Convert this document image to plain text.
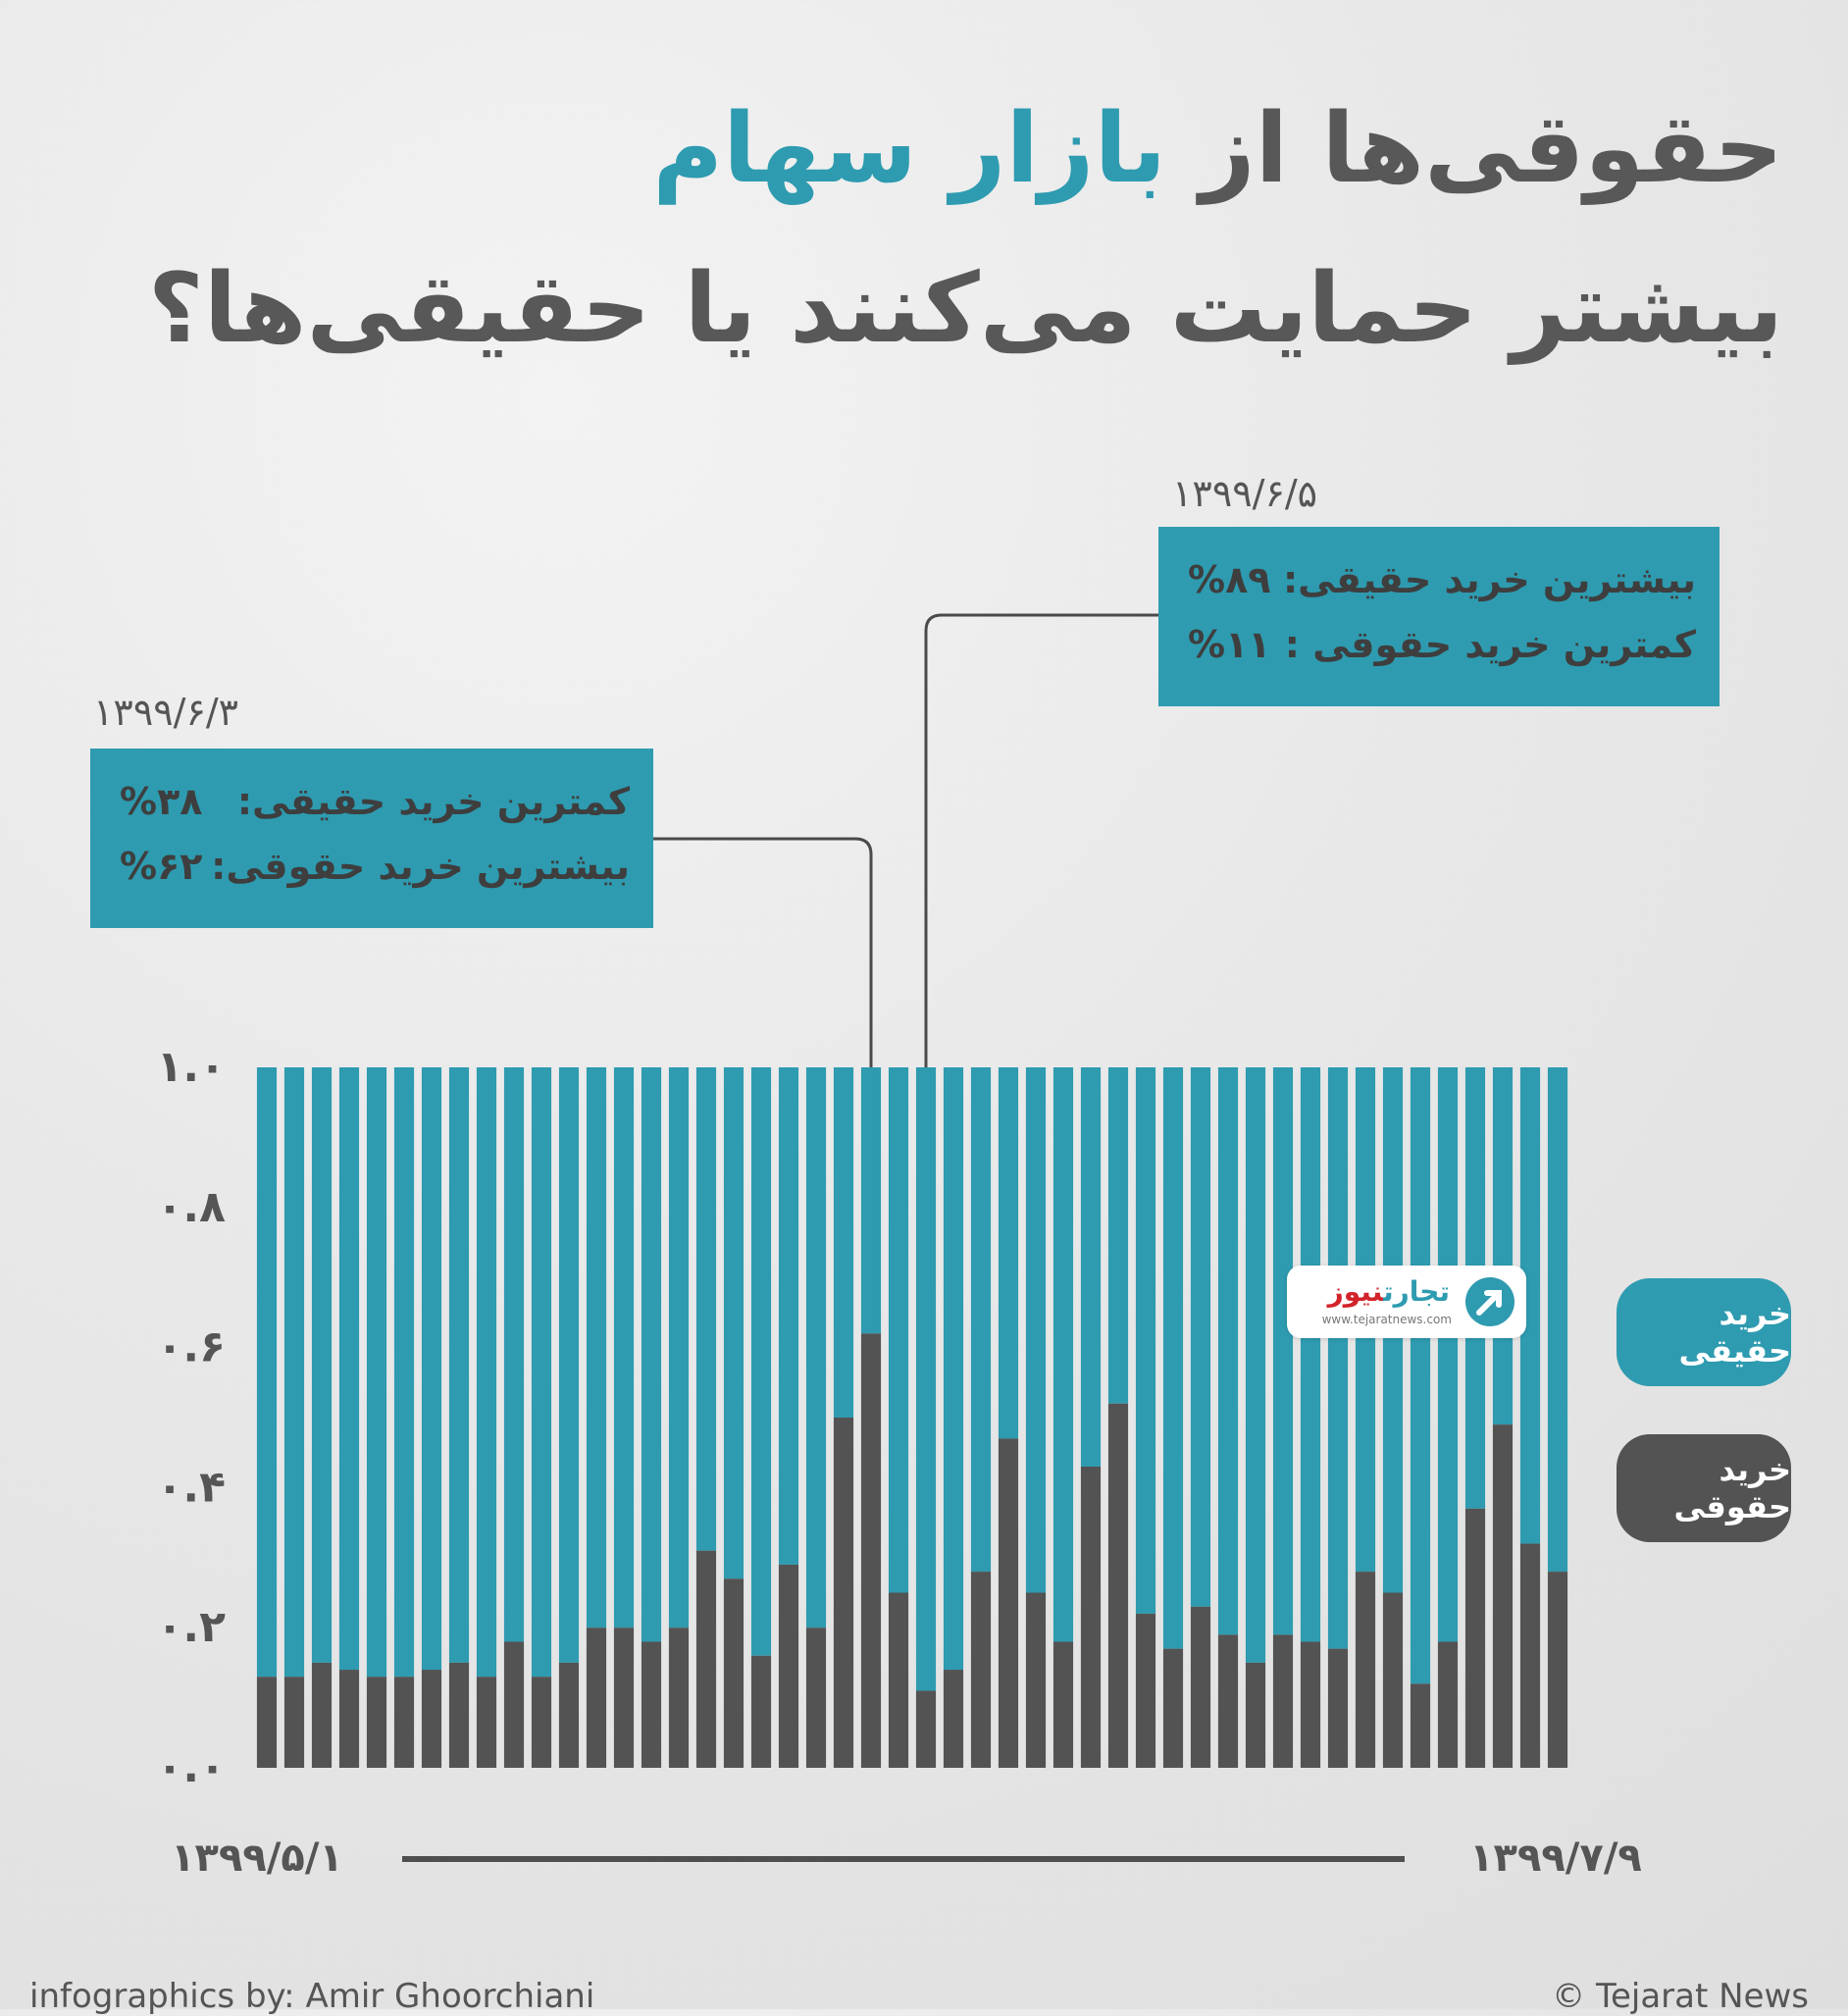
حقوقی‌ها از بازار سهام
بیشتر حمایت می‌کنند یا حقیقی‌ها؟
۱۳۹۹/۶/۵
بیشترین خرید حقیقی:
%۸۹
کمترین خرید حقوقی :
%۱۱
۱۳۹۹/۶/۳
کمترین خرید حقیقی:
%۳۸
بیشترین خرید حقوقی:
%۶۲
۰.۰
۰.۲
۰.۴
۰.۶
۰.۸
۱.۰
۱۳۹۹/۵/۱	۱۳۹۹/۷/۹
خرید حقیقی
خرید حقوقی
تجارتنیوز
www.tejaratnews.com
infographics by: Amir Ghoorchiani	© Tejarat News
